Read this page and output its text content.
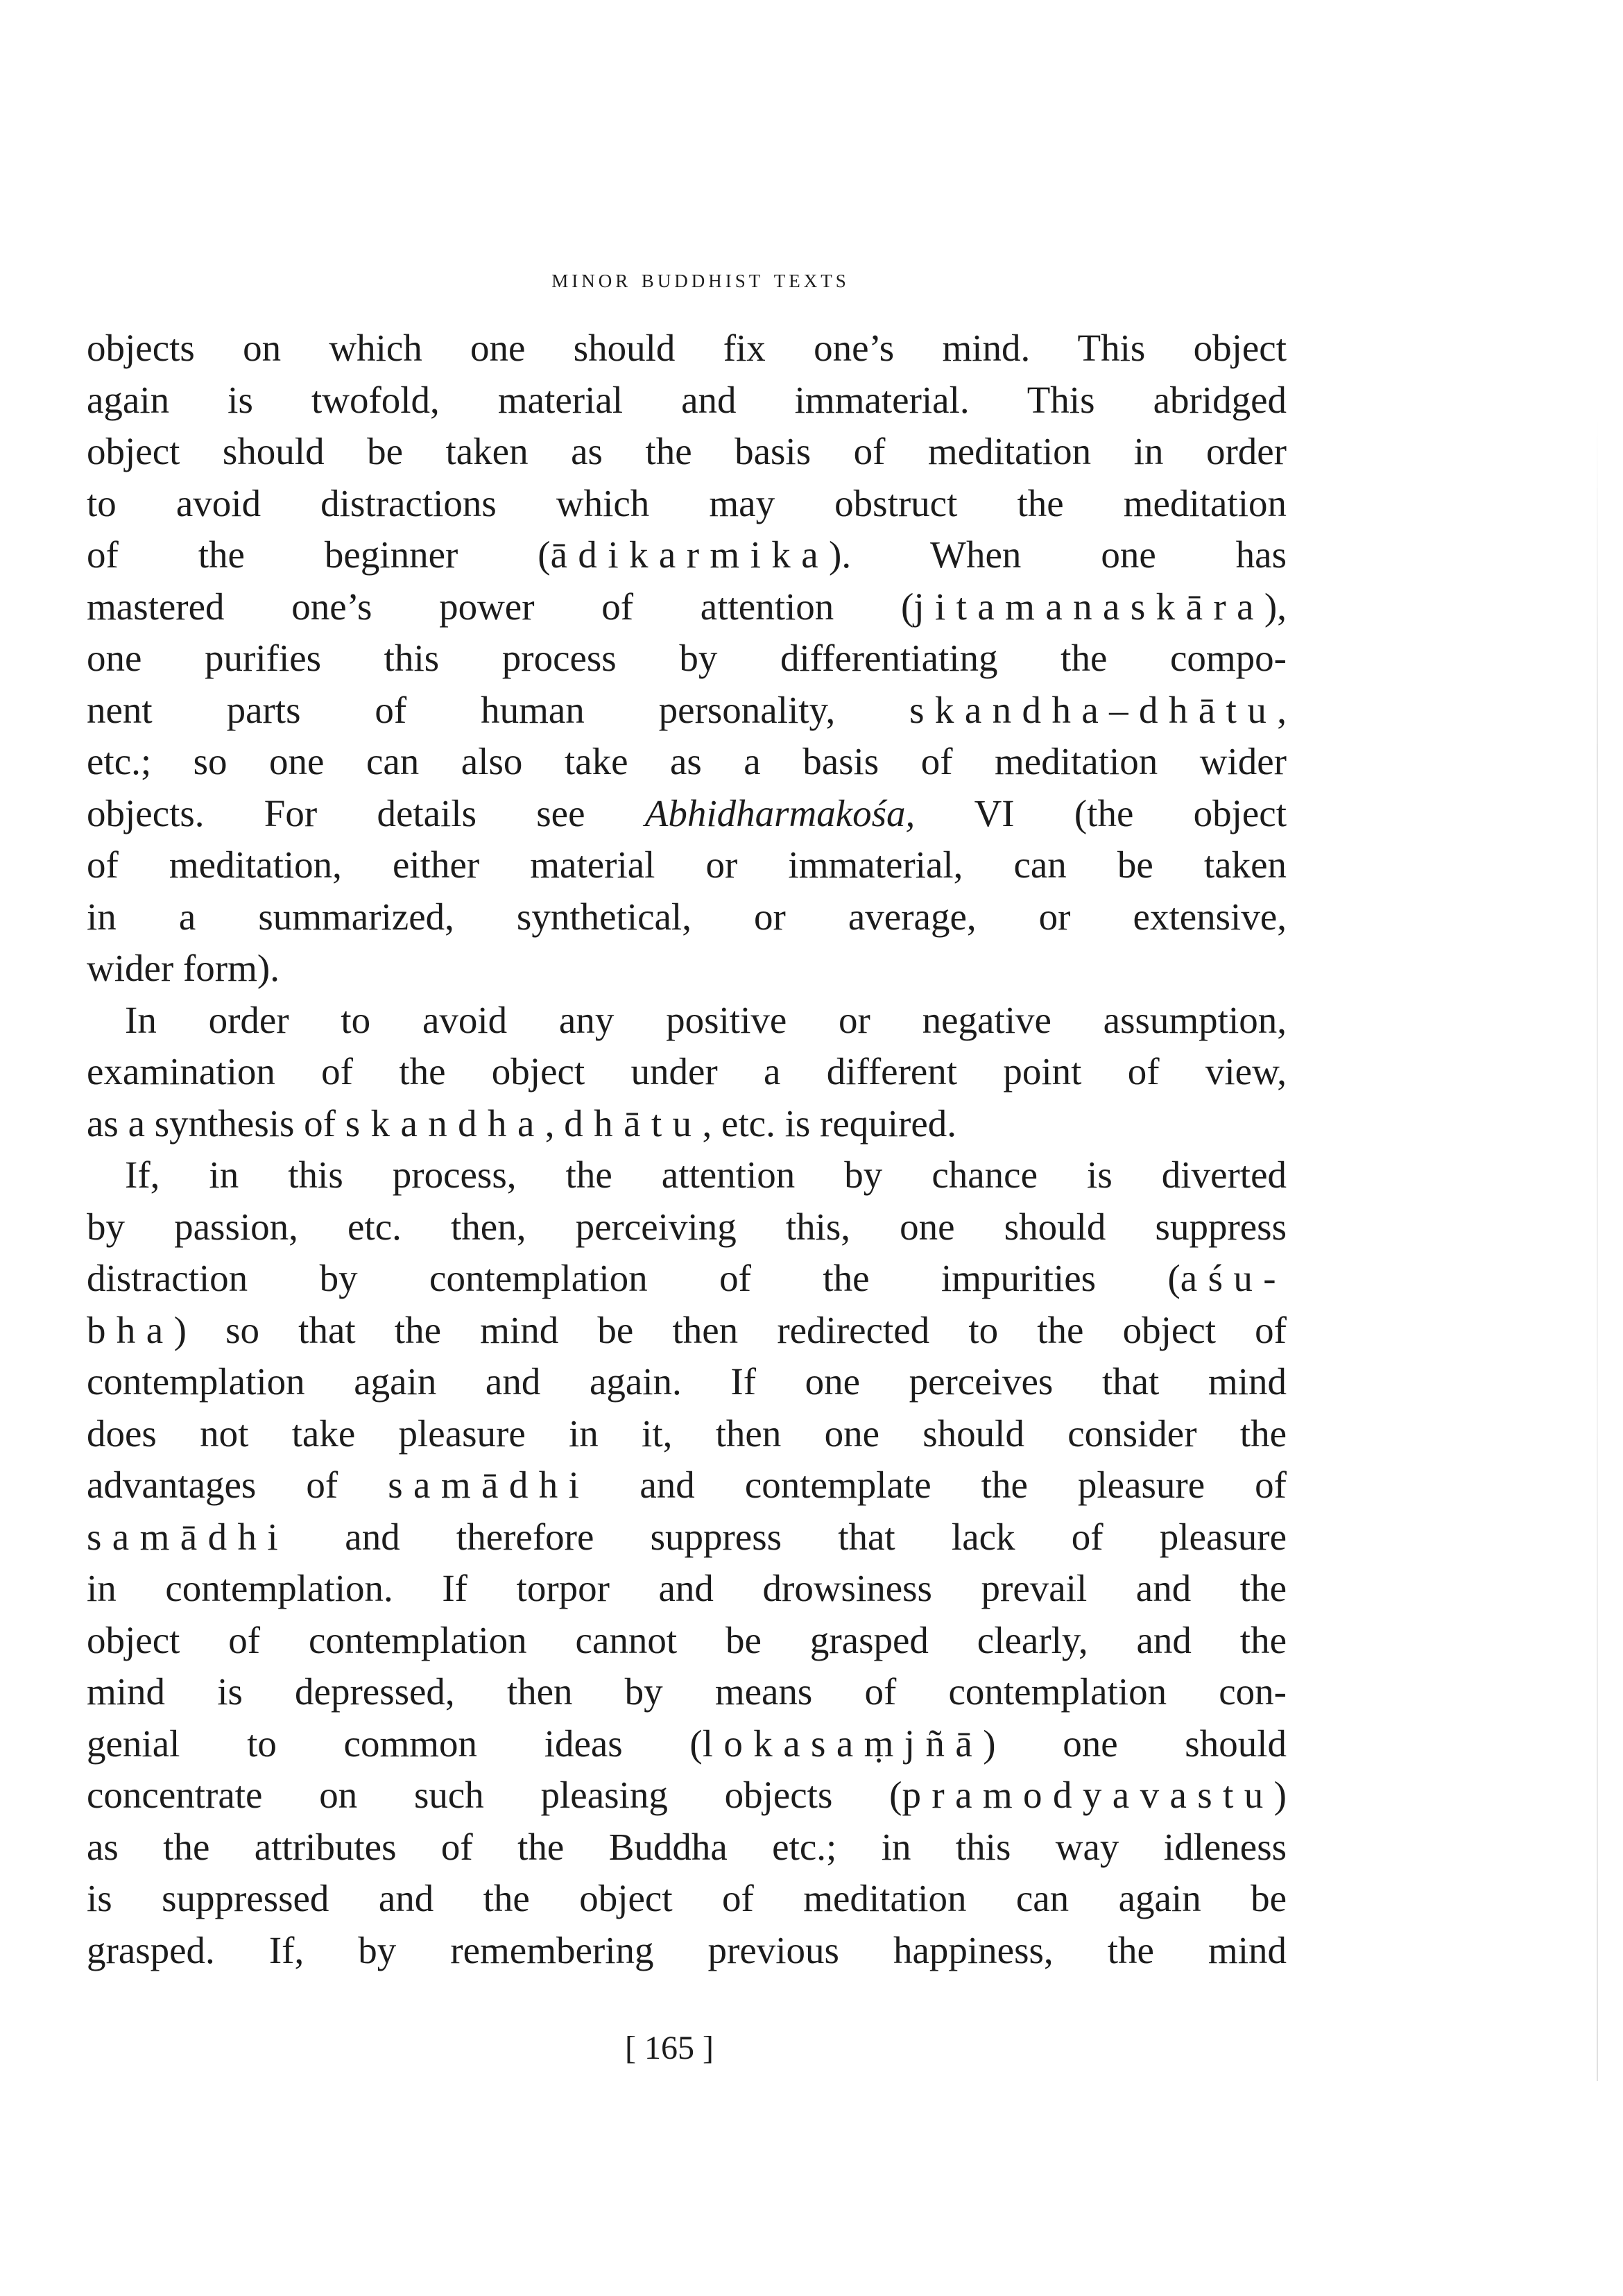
minor buddhist texts
objects on which one should fix one’s mind. This object
again is twofold, material and immaterial. This abridged
object should be taken as the basis of meditation in order
to avoid distractions which may obstruct the meditation
of the beginner (ādikarmika). When one has
mastered one’s power of attention (jitamanaskāra),
one purifies this process by differentiating the compo-
nent parts of human personality, skandha–dhātu,
etc.; so one can also take as a basis of meditation wider
objects. For details see Abhidharmakośa, VI (the object
of meditation, either material or immaterial, can be taken
in a summarized, synthetical, or average, or extensive,
wider form).
In order to avoid any positive or negative assumption,
examination of the object under a different point of view,
as a synthesis of skandha, dhātu, etc. is required.
If, in this process, the attention by chance is diverted
by passion, etc. then, perceiving this, one should suppress
distraction by contemplation of the impurities (aśu-
bha) so that the mind be then redirected to the object of
contemplation again and again. If one perceives that mind
does not take pleasure in it, then one should consider the
advantages of samādhi and contemplate the pleasure of
samādhi and therefore suppress that lack of pleasure
in contemplation. If torpor and drowsiness prevail and the
object of contemplation cannot be grasped clearly, and the
mind is depressed, then by means of contemplation con-
genial to common ideas (lokasaṃjñā) one should
concentrate on such pleasing objects (pramodyavastu)
as the attributes of the Buddha etc.; in this way idleness
is suppressed and the object of meditation can again be
grasped. If, by remembering previous happiness, the mind
[ 165 ]
